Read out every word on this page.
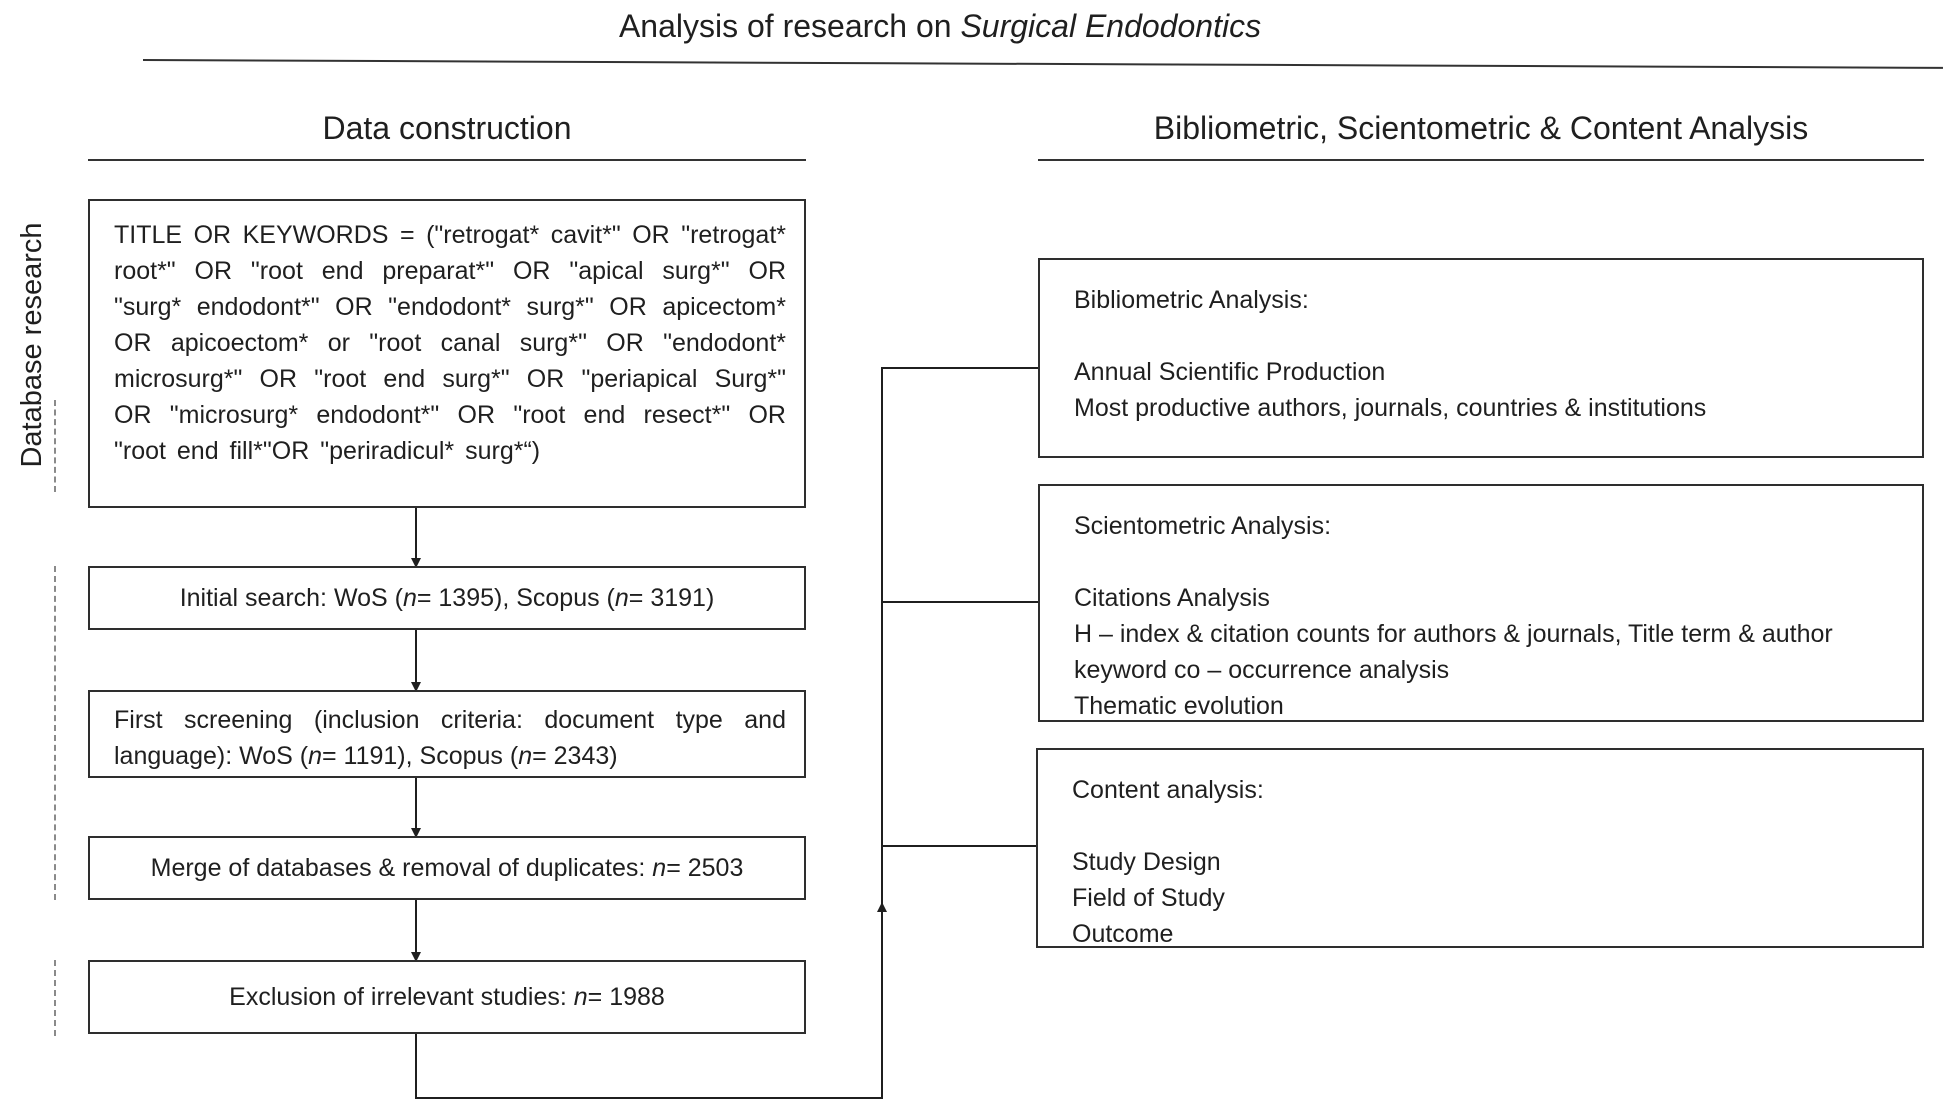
Analysis of research on Surgical Endodontics
Data construction	Bibliometric, Scientometric & Content Analysis
Database research	TITLE OR KEYWORDS = ("retrogat* cavit*" OR "retrogat* root*" OR "root end preparat*" OR "apical surg*" OR "surg* endodont*" OR "endodont* surg*" OR apicectom* OR apicoectom* or "root canal surg*" OR "endodont* microsurg*" OR "root end surg*" OR "periapical Surg*" OR "microsurg* endodont*" OR "root end resect*" OR "root end fill*"OR "periradicul* surg*“)
Initial search: WoS (n= 1395), Scopus (n= 3191)
First screening (inclusion criteria: document type and language): WoS (n= 1191), Scopus (n= 2343)
Merge of databases & removal of duplicates: n= 2503
Exclusion of irrelevant studies: n= 1988
Bibliometric Analysis:
Annual Scientific Production
Most productive authors, journals, countries & institutions
Scientometric Analysis:
Citations Analysis
H – index & citation counts for authors & journals, Title term & author keyword co – occurrence analysis
Thematic evolution
Content analysis:
Study Design
Field of Study
Outcome
